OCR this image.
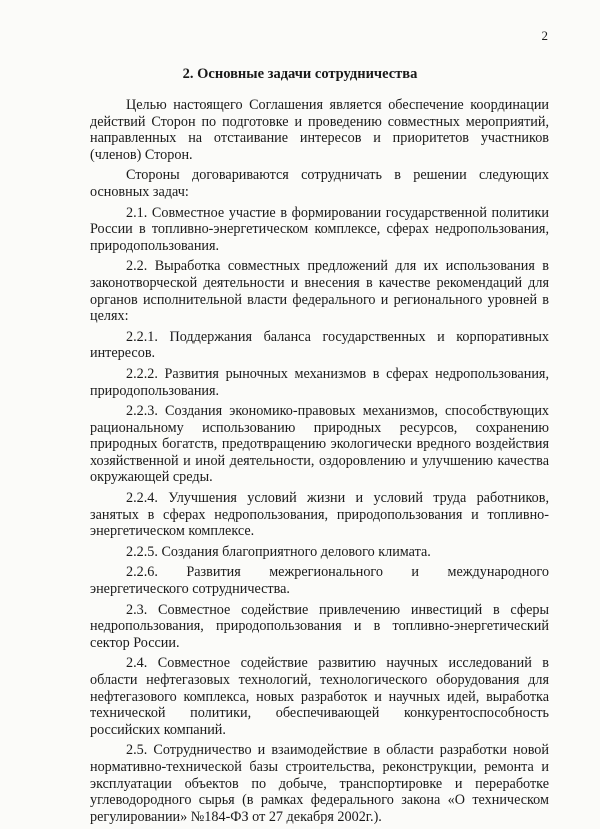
2
2. Основные задачи сотрудничества

Целью настоящего Соглашения является обеспечение координации действий Сторон по подготовке и проведению совместных мероприятий, направленных на отстаивание интересов и приоритетов участников (членов) Сторон.

Стороны договариваются сотрудничать в решении следующих основных задач:

2.1. Совместное участие в формировании государственной политики России в топливно-энергетическом комплексе, сферах недропользования, природопользования.

2.2. Выработка совместных предложений для их использования в законотворческой деятельности и внесения в качестве рекомендаций для органов исполнительной власти федерального и регионального уровней в целях:

2.2.1. Поддержания баланса государственных и корпоративных интересов.

2.2.2. Развития рыночных механизмов в сферах недропользования, природопользования.

2.2.3. Создания экономико-правовых механизмов, способствующих рациональному использованию природных ресурсов, сохранению природных богатств, предотвращению экологически вредного воздействия хозяйственной и иной деятельности, оздоровлению и улучшению качества окружающей среды.

2.2.4. Улучшения условий жизни и условий труда работников, занятых в сферах недропользования, природопользования и топливно-энергетическом комплексе.

2.2.5. Создания благоприятного делового климата.

2.2.6. Развития межрегионального и международного энергетического сотрудничества.

2.3. Совместное содействие привлечению инвестиций в сферы недропользования, природопользования и в топливно-энергетический сектор России.

2.4. Совместное содействие развитию научных исследований в области нефтегазовых технологий, технологического оборудования для нефтегазового комплекса, новых разработок и научных идей, выработка технической политики, обеспечивающей конкурентоспособность российских компаний.

2.5. Сотрудничество и взаимодействие в области разработки новой нормативно-технической базы строительства, реконструкции, ремонта и эксплуатации объектов по добыче, транспортировке и переработке углеводородного сырья (в рамках федерального закона «О техническом регулировании» №184-ФЗ от 27 декабря 2002г.).
